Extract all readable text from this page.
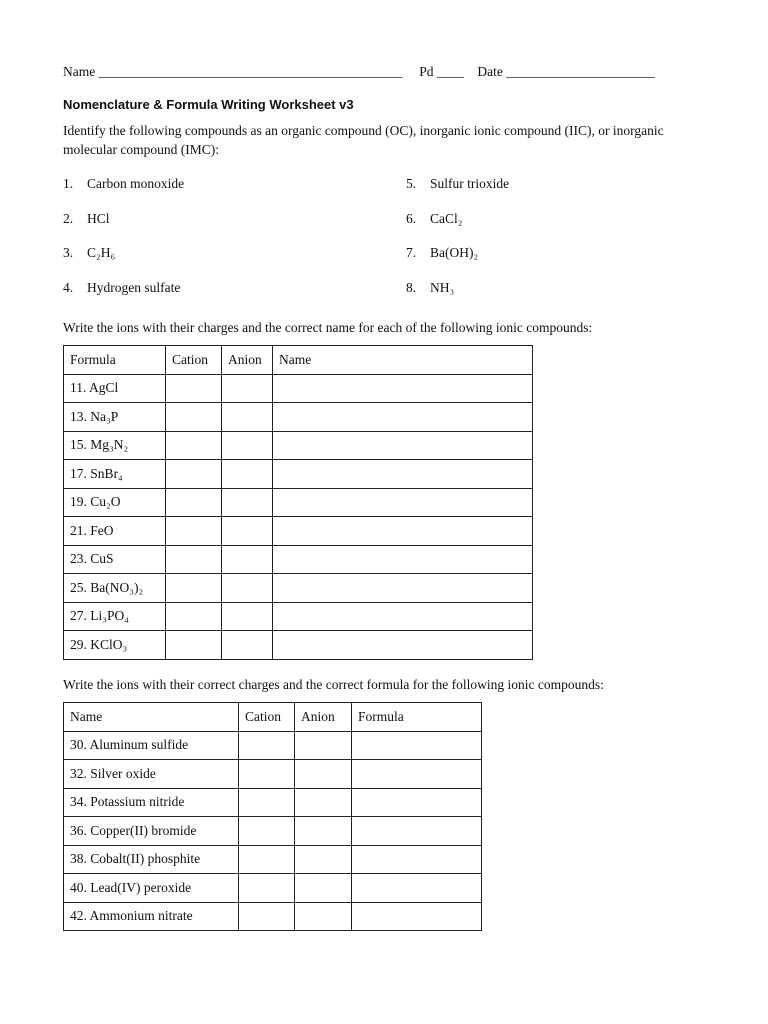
Name _____________________________________________ Pd ____ Date ______________________
Nomenclature & Formula Writing Worksheet v3
Identify the following compounds as an organic compound (OC), inorganic ionic compound (IIC), or inorganic molecular compound (IMC):
1. Carbon monoxide
2. HCl
3. C₂H₆
4. Hydrogen sulfate
5. Sulfur trioxide
6. CaCl₂
7. Ba(OH)₂
8. NH₃
Write the ions with their charges and the correct name for each of the following ionic compounds:
Formula	Cation	Anion	Name
11. AgCl			
13. Na₃P			
15. Mg₃N₂			
17. SnBr₄			
19. Cu₂O			
21. FeO			
23. CuS			
25. Ba(NO₃)₂			
27. Li₃PO₄			
29. KClO₃			
Write the ions with their correct charges and the correct formula for the following ionic compounds:
Name	Cation	Anion	Formula
30. Aluminum sulfide			
32. Silver oxide			
34. Potassium nitride			
36. Copper(II) bromide			
38. Cobalt(II) phosphite			
40. Lead(IV) peroxide			
42. Ammonium nitrate			
